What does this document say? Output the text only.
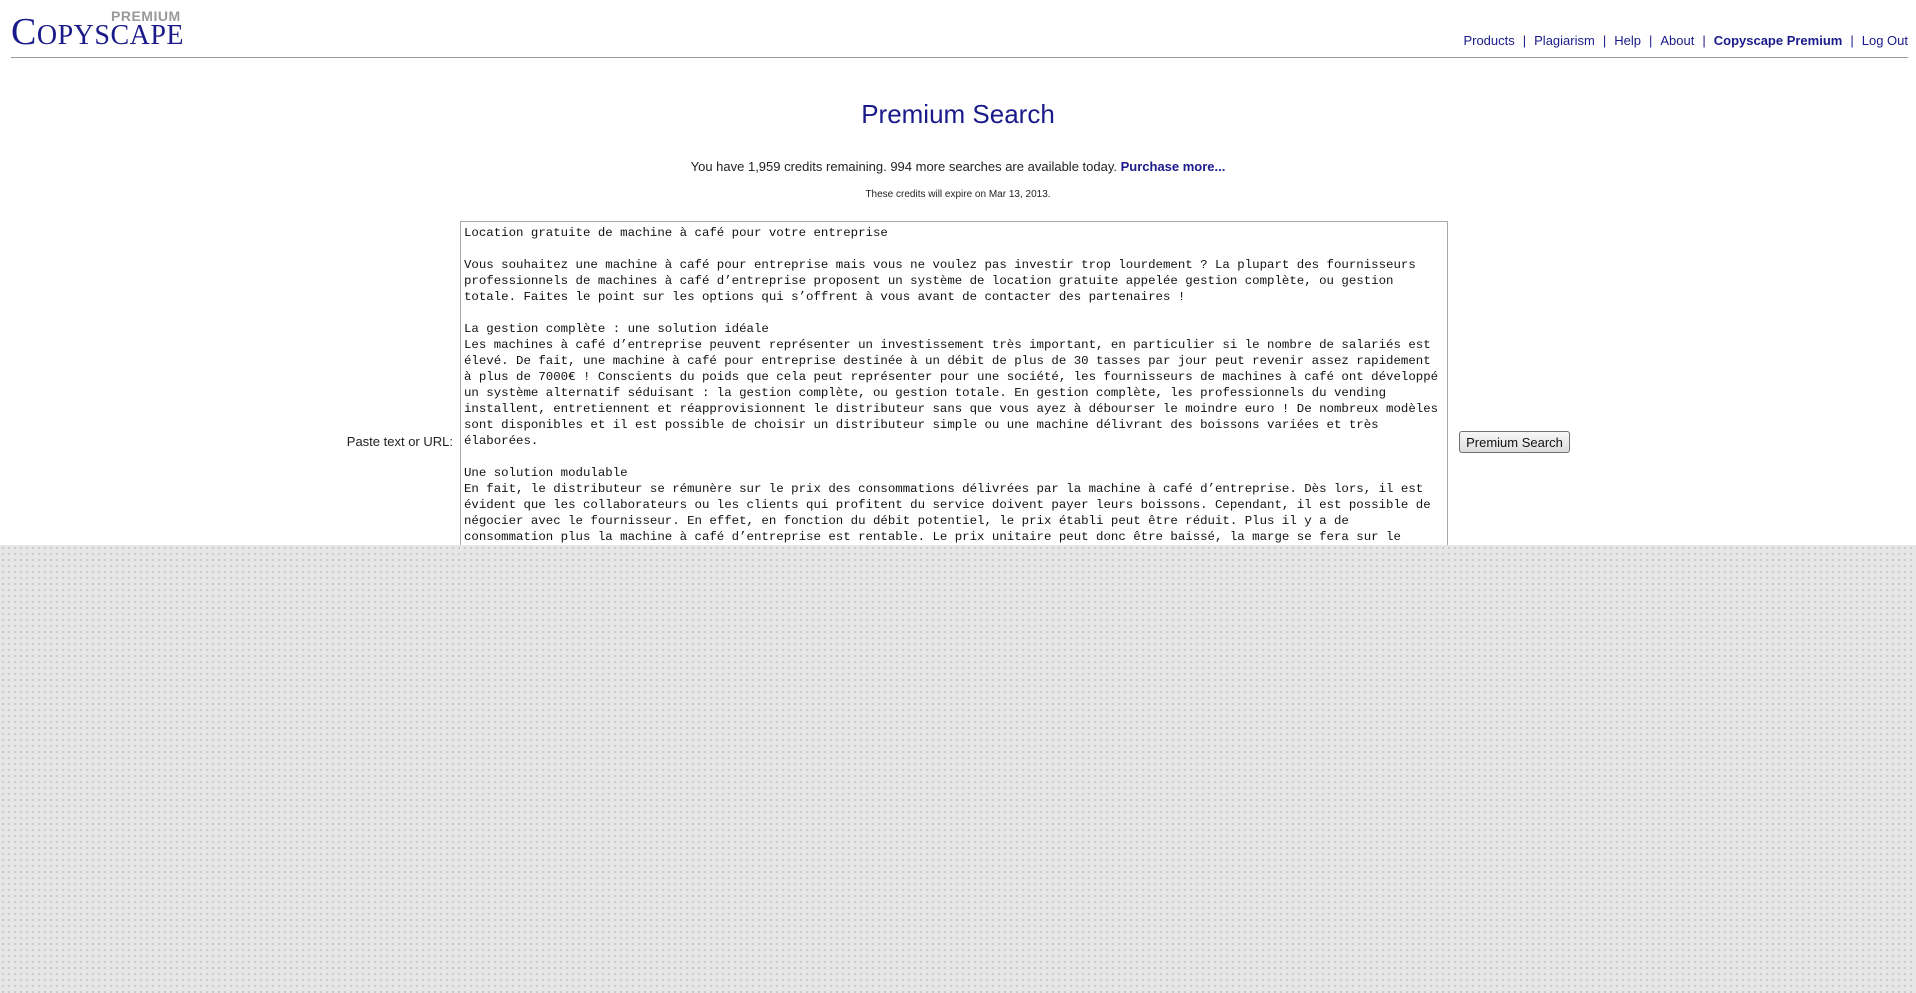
COPYSCAPE
PREMIUM
Products | Plagiarism | Help | About | Copyscape Premium | Log Out
Premium Search
You have 1,959 credits remaining. 994 more searches are available today. Purchase more...
These credits will expire on Mar 13, 2013.
Paste text or URL:
Location gratuite de machine à café pour votre entreprise

Vous souhaitez une machine à café pour entreprise mais vous ne voulez pas investir trop lourdement ? La plupart des fournisseurs professionnels de machines à café d’entreprise proposent un système de location gratuite appelée gestion complète, ou gestion totale. Faites le point sur les options qui s’offrent à vous avant de contacter des partenaires !

La gestion complète : une solution idéale
Les machines à café d’entreprise peuvent représenter un investissement très important, en particulier si le nombre de salariés est élevé. De fait, une machine à café pour entreprise destinée à un débit de plus de 30 tasses par jour peut revenir assez rapidement à plus de 7000€ ! Conscients du poids que cela peut représenter pour une société, les fournisseurs de machines à café ont développé un système alternatif séduisant : la gestion complète, ou gestion totale. En gestion complète, les professionnels du vending installent, entretiennent et réapprovisionnent le distributeur sans que vous ayez à débourser le moindre euro ! De nombreux modèles sont disponibles et il est possible de choisir un distributeur simple ou une machine délivrant des boissons variées et très élaborées.

Une solution modulable
En fait, le distributeur se rémunère sur le prix des consommations délivrées par la machine à café d’entreprise. Dès lors, il est évident que les collaborateurs ou les clients qui profitent du service doivent payer leurs boissons. Cependant, il est possible de négocier avec le fournisseur. En effet, en fonction du débit potentiel, le prix établi peut être réduit. Plus il y a de consommation plus la machine à café d’entreprise est rentable. Le prix unitaire peut donc être baissé, la marge se fera sur le
Premium Search
